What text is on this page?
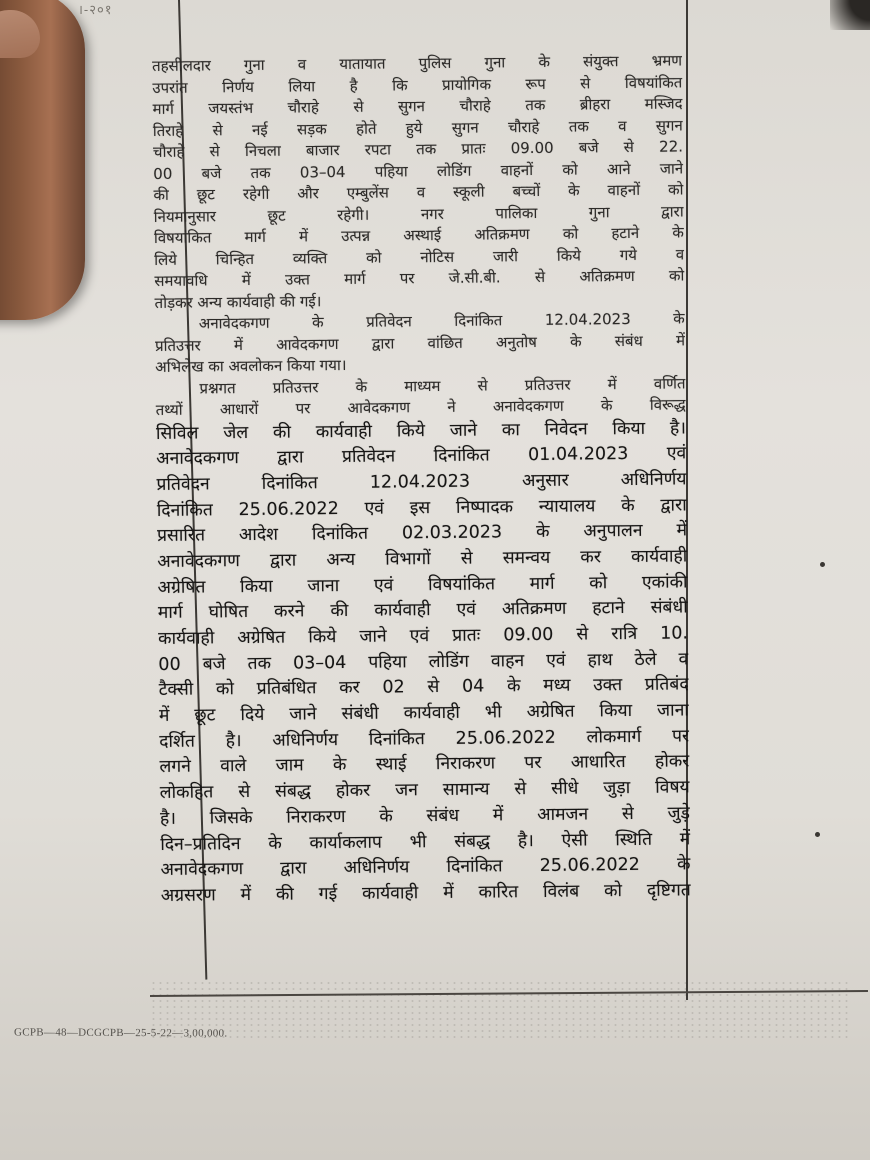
।-२०१
तहसीलदार गुना व यातायात पुलिस गुना के संयुक्त भ्रमण
उपरांत निर्णय लिया है कि प्रायोगिक रूप से विषयांकित
मार्ग जयस्तंभ चौराहे से सुगन चौराहे तक ब्रीहरा मस्जिद
तिराहे से नई सड़क होते हुये सुगन चौराहे तक व सुगन
चौराहे से निचला बाजार रपटा तक प्रातः 09.00 बजे से 22.
00 बजे तक 03–04 पहिया लोडिंग वाहनों को आने जाने
की छूट रहेगी और एम्बुलेंस व स्कूली बच्चों के वाहनों को
नियमानुसार छूट रहेगी। नगर पालिका गुना द्वारा
विषयांकित मार्ग में उत्पन्न अस्थाई अतिक्रमण को हटाने के
लिये चिन्हित व्यक्ति को नोटिस जारी किये गये व
समयावधि में उक्त मार्ग पर जे.सी.बी. से अतिक्रमण को
तोड़कर अन्य कार्यवाही की गई।
अनावेदकगण के प्रतिवेदन दिनांकित 12.04.2023 के
प्रतिउत्तर में आवेदकगण द्वारा वांछित अनुतोष के संबंध में
अभिलेख का अवलोकन किया गया।
प्रश्नगत प्रतिउत्तर के माध्यम से प्रतिउत्तर में वर्णित
तथ्यों आधारों पर आवेदकगण ने अनावेदकगण के विरूद्ध
सिविल जेल की कार्यवाही किये जाने का निवेदन किया है।
अनावेदकगण द्वारा प्रतिवेदन दिनांकित 01.04.2023 एवं
प्रतिवेदन दिनांकित 12.04.2023 अनुसार अधिनिर्णय
दिनांकित 25.06.2022 एवं इस निष्पादक न्यायालय के द्वारा
प्रसारित आदेश दिनांकित 02.03.2023 के अनुपालन में
अनावेदकगण द्वारा अन्य विभागों से समन्वय कर कार्यवाही
अग्रेषित किया जाना एवं विषयांकित मार्ग को एकांकी
मार्ग घोषित करने की कार्यवाही एवं अतिक्रमण हटाने संबंधी
कार्यवाही अग्रेषित किये जाने एवं प्रातः 09.00 से रात्रि 10.
00 बजे तक 03–04 पहिया लोडिंग वाहन एवं हाथ ठेले व
टैक्सी को प्रतिबंधित कर 02 से 04 के मध्य उक्त प्रतिबंद
में छूट दिये जाने संबंधी कार्यवाही भी अग्रेषित किया जाना
दर्शित है। अधिनिर्णय दिनांकित 25.06.2022 लोकमार्ग पर
लगने वाले जाम के स्थाई निराकरण पर आधारित होकर
लोकहित से संबद्ध होकर जन सामान्य से सीधे जुड़ा विषय
है। जिसके निराकरण के संबंध में आमजन से जुड़े
दिन–प्रतिदिन के कार्याकलाप भी संबद्ध है। ऐसी स्थिति में
अनावेदकगण द्वारा अधिनिर्णय दिनांकित 25.06.2022 के
अग्रसरण में की गई कार्यवाही में कारित विलंब को दृष्टिगत
GCPB—48—DCGCPB—25-5-22—3,00,000.
